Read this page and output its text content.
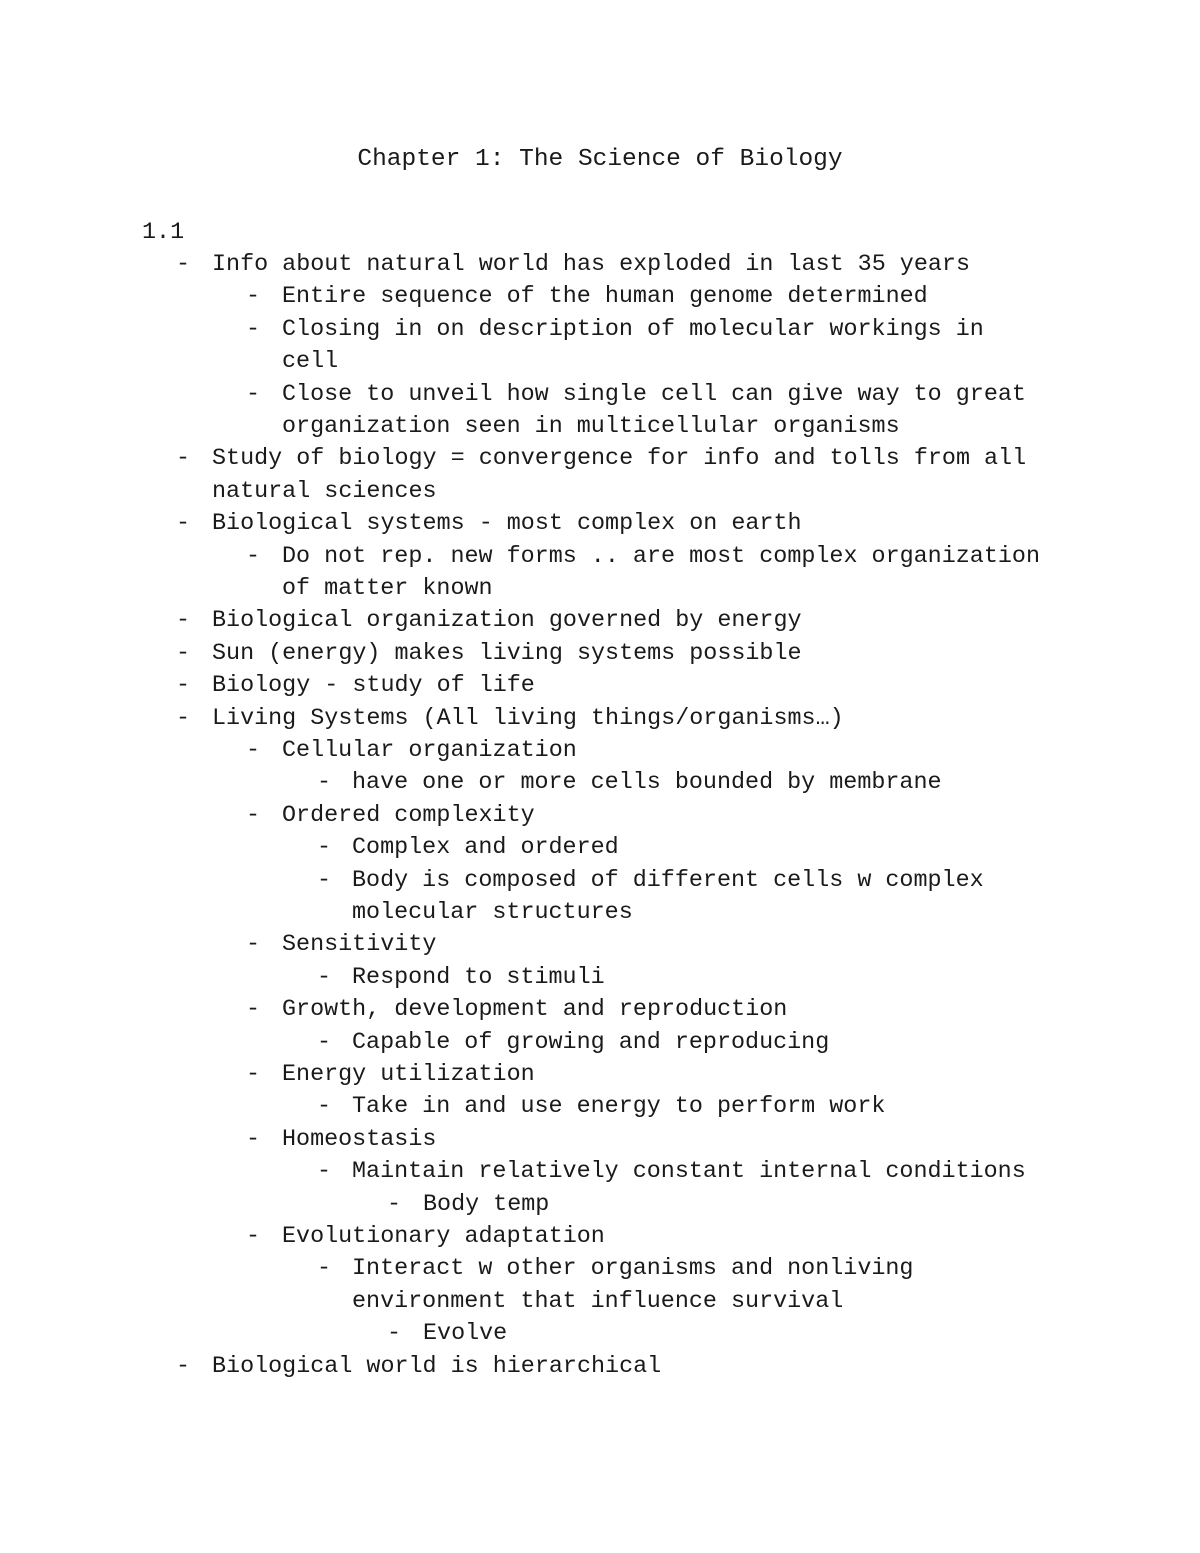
Chapter 1: The Science of Biology
1.1
- Info about natural world has exploded in last 35 years
- Entire sequence of the human genome determined
- Closing in on description of molecular workings in
cell
- Close to unveil how single cell can give way to great
organization seen in multicellular organisms
- Study of biology = convergence for info and tolls from all
natural sciences
- Biological systems - most complex on earth
- Do not rep. new forms .. are most complex organization
of matter known
- Biological organization governed by energy
- Sun (energy) makes living systems possible
- Biology - study of life
- Living Systems (All living things/organisms…)
- Cellular organization
- have one or more cells bounded by membrane
- Ordered complexity
- Complex and ordered
- Body is composed of different cells w complex
molecular structures
- Sensitivity
- Respond to stimuli
- Growth, development and reproduction
- Capable of growing and reproducing
- Energy utilization
- Take in and use energy to perform work
- Homeostasis
- Maintain relatively constant internal conditions
- Body temp
- Evolutionary adaptation
- Interact w other organisms and nonliving
environment that influence survival
- Evolve
- Biological world is hierarchical
